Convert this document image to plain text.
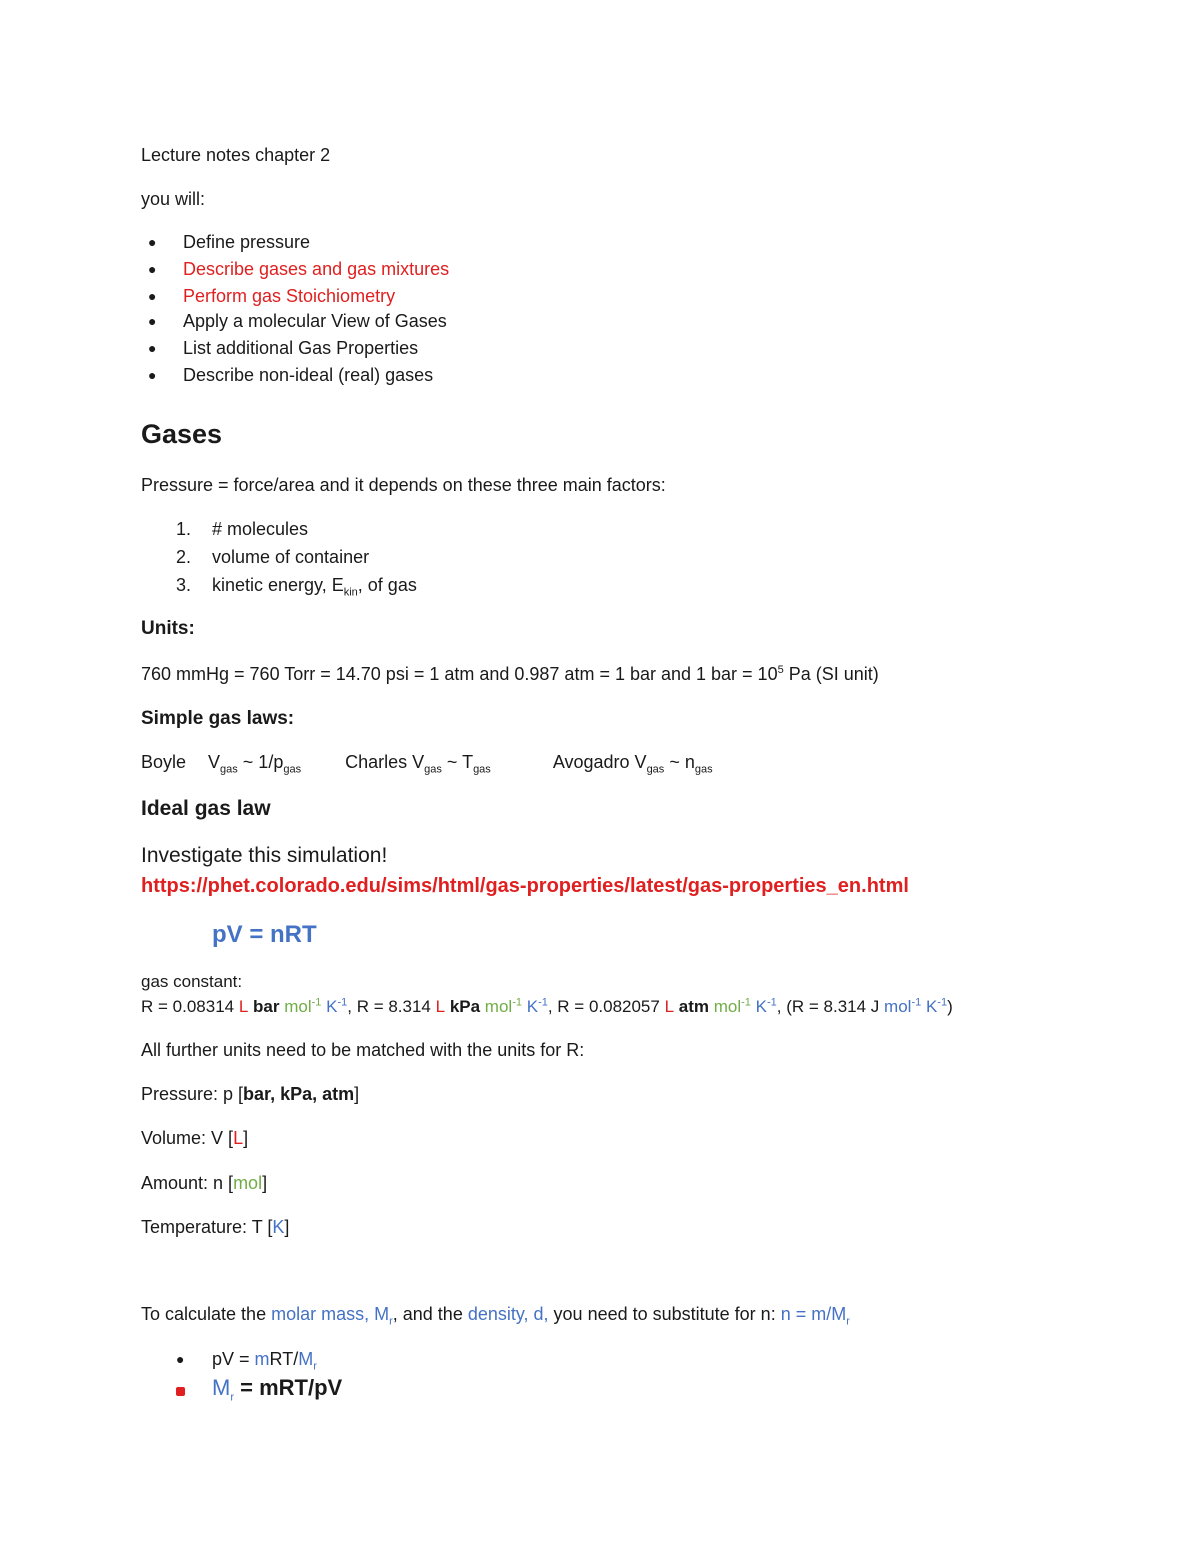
Lecture notes chapter 2
you will:
● Define pressure
● Describe gases and gas mixtures
● Perform gas Stoichiometry
● Apply a molecular View of Gases
● List additional Gas Properties
● Describe non-ideal (real) gases
Gases
Pressure = force/area and it depends on these three main factors:
1. # molecules
2. volume of container
3. kinetic energy, $E_{kin}$, of gas
Units:
760 mmHg = 760 Torr = 14.70 psi = 1 atm and 0.987 atm = 1 bar and 1 bar = $10^5$ Pa (SI unit)
Simple gas laws:
Boyle $V_{gas}$ ~ $1/p_{gas}$ Charles $V_{gas}$ ~ $T_{gas}$	Avogadro $V_{gas}$ ~ $n_{gas}$
Ideal gas law
Investigate this simulation!
https://phet.colorado.edu/sims/html/gas-properties/latest/gas-properties_en.html
pV = nRT
gas constant:
R = 0.08314 L bar mol$^{-1}$ $K^{-1}$, R = 8.314 L kPa mol$^{-1}$ $K^{-1}$, R = 0.082057 L atm mol$^{-1}$ $K^{-1}$, (R = 8.314 J mol$^{-1}$ $K^{-1}$)
All further units need to be matched with the units for R:
Pressure: p [bar, kPa, atm]
Volume: V [L]
Amount: n [mol]
Temperature: T [K]
To calculate the molar mass, $M_r$, and the density, d, you need to substitute for n: $n = m/M_r$
● pV = mRT/$M_r$
$M_r = mRT/pV$
